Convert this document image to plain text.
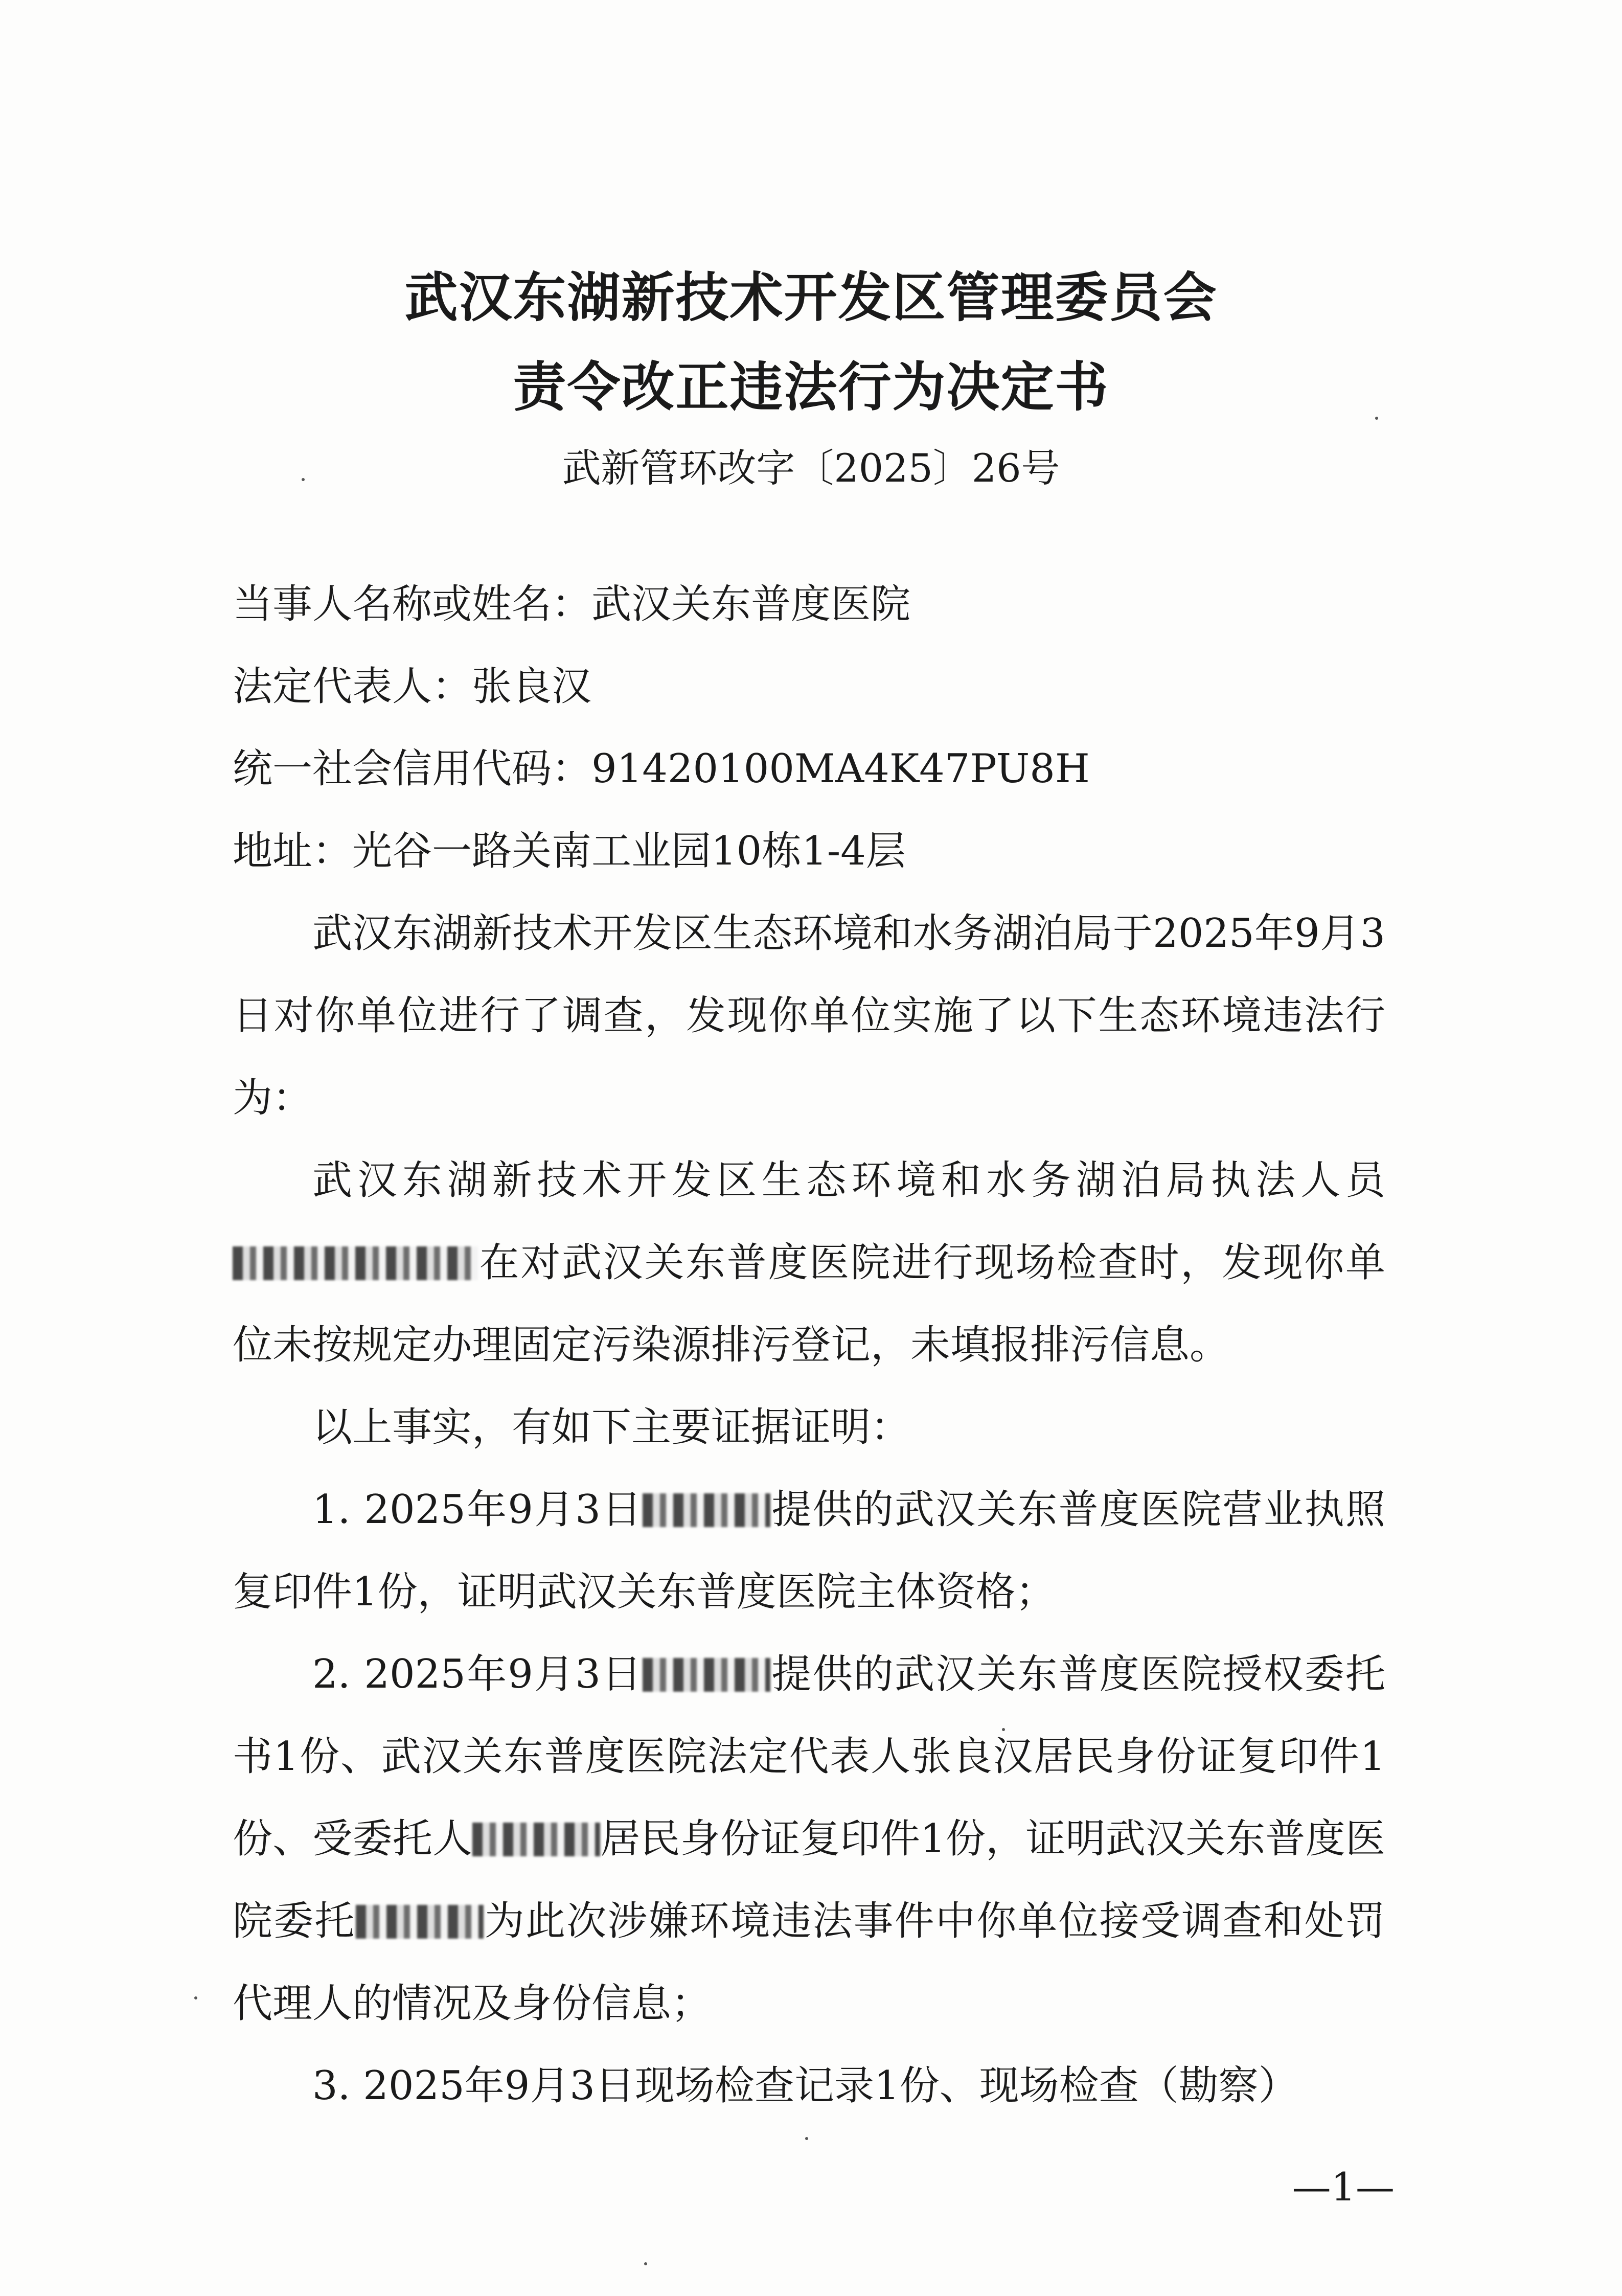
武汉东湖新技术开发区管理委员会
责令改正违法行为决定书
武新管环改字〔2025〕26号

当事人名称或姓名：武汉关东普度医院

法定代表人：张良汉

统一社会信用代码：91420100MA4K47PU8H

地址：光谷一路关南工业园10栋1-4层

武汉东湖新技术开发区生态环境和水务湖泊局于2025年9月3日对你单位进行了调查，发现你单位实施了以下生态环境违法行为：

武汉东湖新技术开发区生态环境和水务湖泊局执法人员在对武汉关东普度医院进行现场检查时，发现你单位未按规定办理固定污染源排污登记，未填报排污信息。

以上事实，有如下主要证据证明：

1. 2025年9月3日	提供的武汉关东普度医院营业执照复印件1份，证明武汉关东普度医院主体资格；

2. 2025年9月3日	提供的武汉关东普度医院授权委托书1份、武汉关东普度医院法定代表人张良汉居民身份证复印件1份、受委托人	居民身份证复印件1份，证明武汉关东普度医院委托	为此次涉嫌环境违法事件中你单位接受调查和处罚代理人的情况及身份信息；

3. 2025年9月3日现场检查记录1份、现场检查（勘察）

—1—
